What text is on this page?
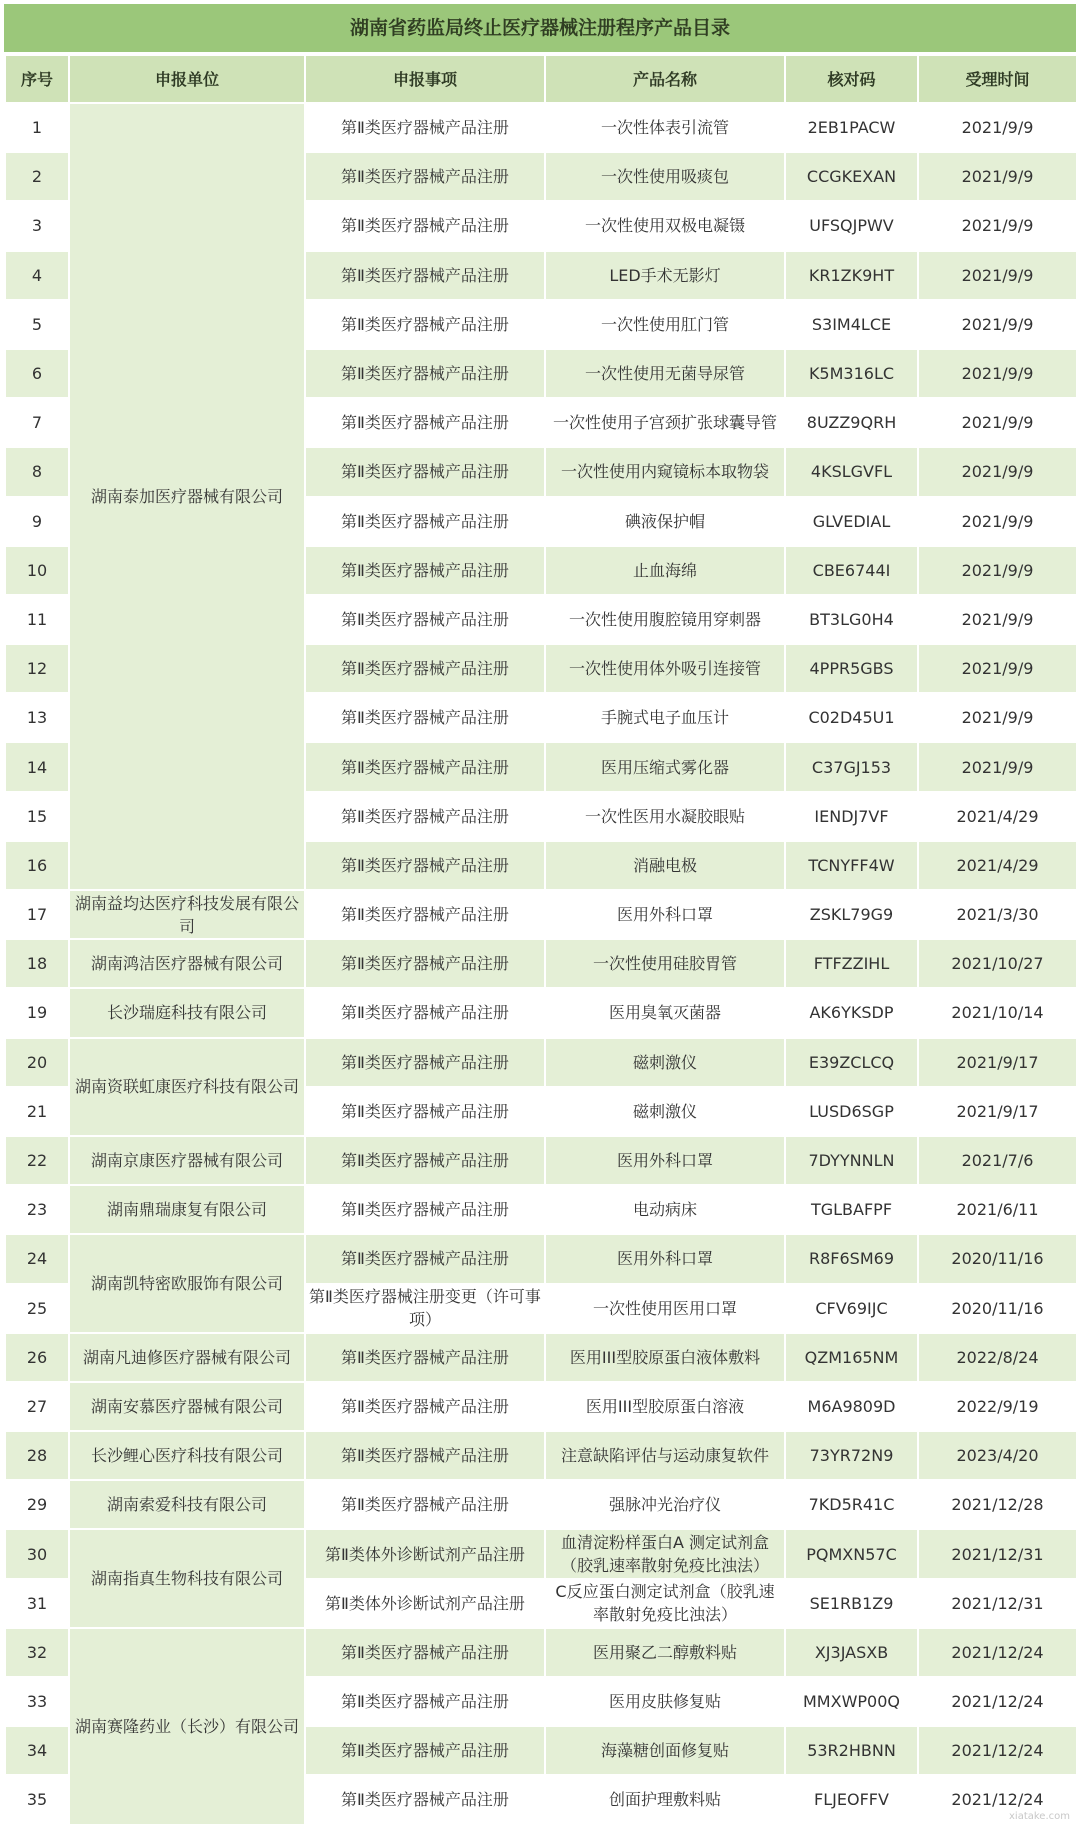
湖南省药监局终止医疗器械注册程序产品目录
序号	申报单位	申报事项	产品名称	核对码	受理时间
1	湖南泰加医疗器械有限公司	第Ⅱ类医疗器械产品注册	一次性体表引流管	2EB1PACW	2021/9/9
2		第Ⅱ类医疗器械产品注册	一次性使用吸痰包	CCGKEXAN	2021/9/9
3		第Ⅱ类医疗器械产品注册	一次性使用双极电凝镊	UFSQJPWV	2021/9/9
4		第Ⅱ类医疗器械产品注册	LED手术无影灯	KR1ZK9HT	2021/9/9
5		第Ⅱ类医疗器械产品注册	一次性使用肛门管	S3IM4LCE	2021/9/9
6		第Ⅱ类医疗器械产品注册	一次性使用无菌导尿管	K5M316LC	2021/9/9
7		第Ⅱ类医疗器械产品注册	一次性使用子宫颈扩张球囊导管	8UZZ9QRH	2021/9/9
8		第Ⅱ类医疗器械产品注册	一次性使用内窥镜标本取物袋	4KSLGVFL	2021/9/9
9		第Ⅱ类医疗器械产品注册	碘液保护帽	GLVEDIAL	2021/9/9
10		第Ⅱ类医疗器械产品注册	止血海绵	CBE6744I	2021/9/9
11		第Ⅱ类医疗器械产品注册	一次性使用腹腔镜用穿刺器	BT3LG0H4	2021/9/9
12		第Ⅱ类医疗器械产品注册	一次性使用体外吸引连接管	4PPR5GBS	2021/9/9
13		第Ⅱ类医疗器械产品注册	手腕式电子血压计	C02D45U1	2021/9/9
14		第Ⅱ类医疗器械产品注册	医用压缩式雾化器	C37GJ153	2021/9/9
15		第Ⅱ类医疗器械产品注册	一次性医用水凝胶眼贴	IENDJ7VF	2021/4/29
16		第Ⅱ类医疗器械产品注册	消融电极	TCNYFF4W	2021/4/29
17	湖南益均达医疗科技发展有限公司	第Ⅱ类医疗器械产品注册	医用外科口罩	ZSKL79G9	2021/3/30
18	湖南鸿洁医疗器械有限公司	第Ⅱ类医疗器械产品注册	一次性使用硅胶胃管	FTFZZIHL	2021/10/27
19	长沙瑞庭科技有限公司	第Ⅱ类医疗器械产品注册	医用臭氧灭菌器	AK6YKSDP	2021/10/14
20	湖南资联虹康医疗科技有限公司	第Ⅱ类医疗器械产品注册	磁刺激仪	E39ZCLCQ	2021/9/17
21		第Ⅱ类医疗器械产品注册	磁刺激仪	LUSD6SGP	2021/9/17
22	湖南京康医疗器械有限公司	第Ⅱ类医疗器械产品注册	医用外科口罩	7DYYNNLN	2021/7/6
23	湖南鼎瑞康复有限公司	第Ⅱ类医疗器械产品注册	电动病床	TGLBAFPF	2021/6/11
24	湖南凯特密欧服饰有限公司	第Ⅱ类医疗器械产品注册	医用外科口罩	R8F6SM69	2020/11/16
25		第Ⅱ类医疗器械注册变更（许可事项）	一次性使用医用口罩	CFV69IJC	2020/11/16
26	湖南凡迪修医疗器械有限公司	第Ⅱ类医疗器械产品注册	医用III型胶原蛋白液体敷料	QZM165NM	2022/8/24
27	湖南安慕医疗器械有限公司	第Ⅱ类医疗器械产品注册	医用III型胶原蛋白溶液	M6A9809D	2022/9/19
28	长沙鲤心医疗科技有限公司	第Ⅱ类医疗器械产品注册	注意缺陷评估与运动康复软件	73YR72N9	2023/4/20
29	湖南索爱科技有限公司	第Ⅱ类医疗器械产品注册	强脉冲光治疗仪	7KD5R41C	2021/12/28
30	湖南指真生物科技有限公司	第Ⅱ类体外诊断试剂产品注册	血清淀粉样蛋白A 测定试剂盒（胶乳速率散射免疫比浊法）	PQMXN57C	2021/12/31
31		第Ⅱ类体外诊断试剂产品注册	C反应蛋白测定试剂盒（胶乳速率散射免疫比浊法）	SE1RB1Z9	2021/12/31
32	湖南赛隆药业（长沙）有限公司	第Ⅱ类医疗器械产品注册	医用聚乙二醇敷料贴	XJ3JASXB	2021/12/24
33		第Ⅱ类医疗器械产品注册	医用皮肤修复贴	MMXWP00Q	2021/12/24
34		第Ⅱ类医疗器械产品注册	海藻糖创面修复贴	53R2HBNN	2021/12/24
35		第Ⅱ类医疗器械产品注册	创面护理敷料贴	FLJEOFFV	2021/12/24
xiatake.com
